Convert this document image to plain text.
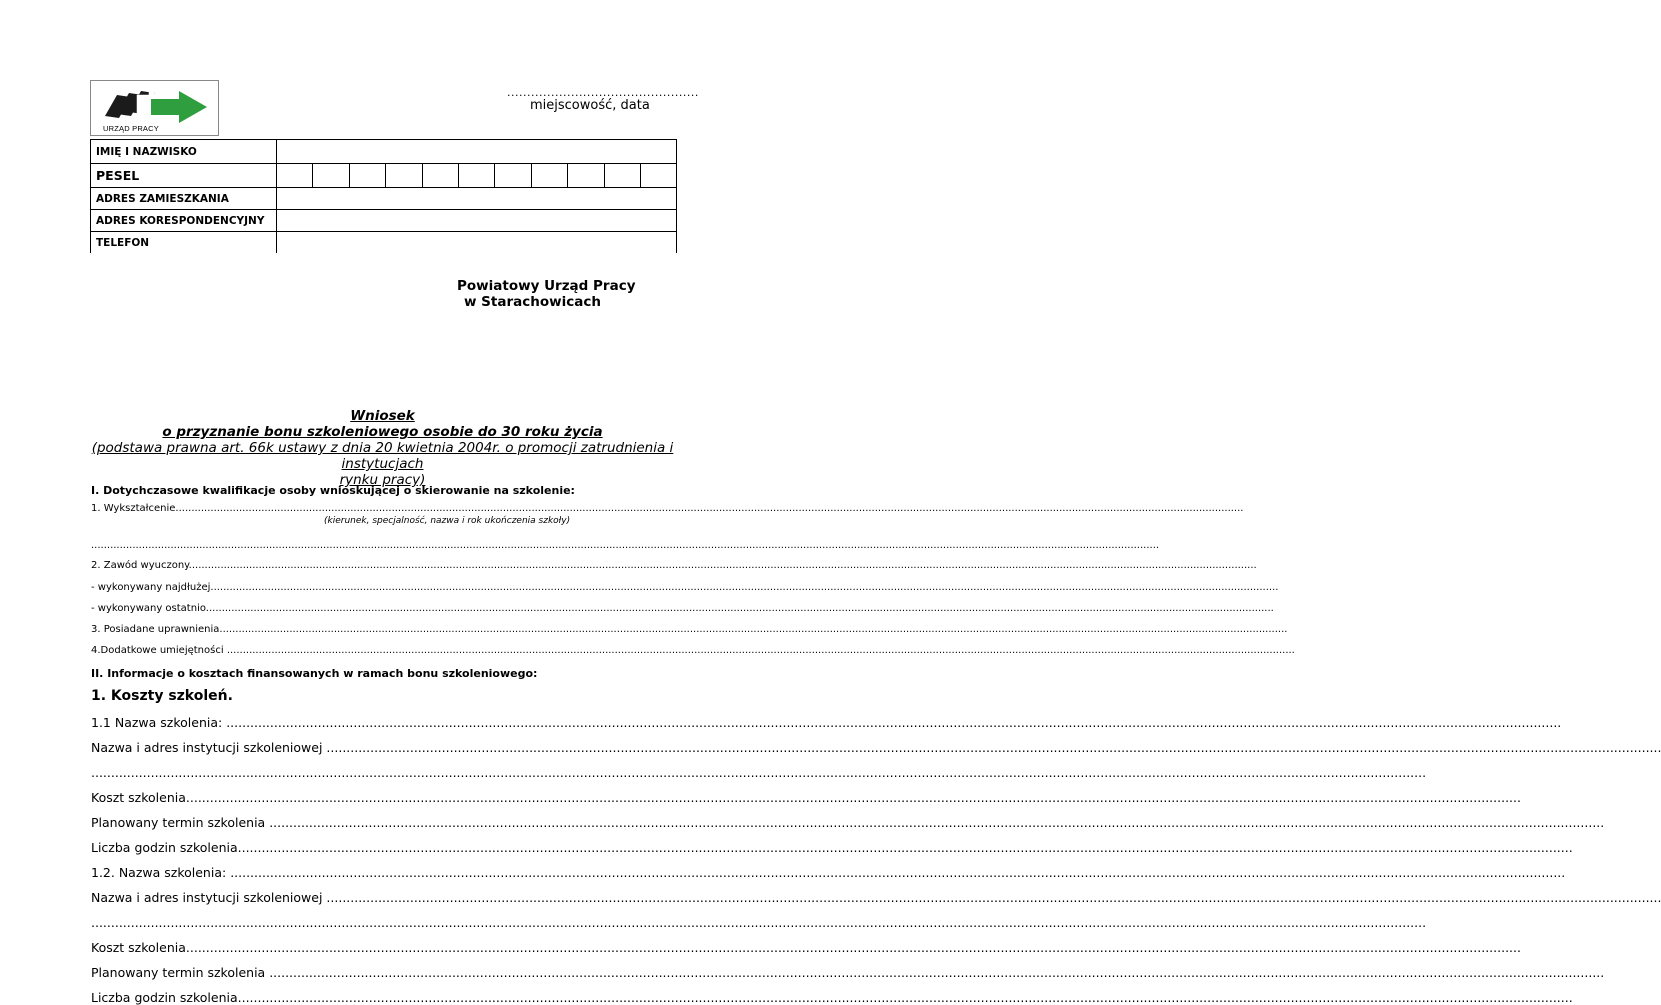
URZĄD PRACY
................................................
miejscowość, data
IMIĘ I NAZWISKO	
PESEL	

ADRES ZAMIESZKANIA	
ADRES KORESPONDENCYJNY	
TELEFON	
Powiatowy Urząd Pracy
w Starachowicach
Wniosek
o przyznanie bonu szkoleniowego osobie do 30 roku życia
(podstawa prawna art. 66k ustawy z dnia 20 kwietnia 2004r. o promocji zatrudnienia i instytucjach
rynku pracy)
I. Dotychczasowe kwalifikacje osoby wnioskującej o skierowanie na szkolenie:
1. Wykształcenie .....
(kierunek, specjalność, nazwa i rok ukończenia szkoły)
.....
2. Zawód wyuczony .....
- wykonywany najdłużej .....
- wykonywany ostatnio .....
3. Posiadane uprawnienia .....
4.Dodatkowe umiejętności .....
II. Informacje o kosztach finansowanych w ramach bonu szkoleniowego:
1. Koszty szkoleń.
1.1 Nazwa szkolenia: .....
Nazwa i adres instytucji szkoleniowej .....
.....
Koszt szkolenia .....
Planowany termin szkolenia .....
Liczba godzin szkolenia .....
1.2. Nazwa szkolenia: .....
Nazwa i adres instytucji szkoleniowej .....
.....
Koszt szkolenia .....
Planowany termin szkolenia .....
Liczba godzin szkolenia .....
